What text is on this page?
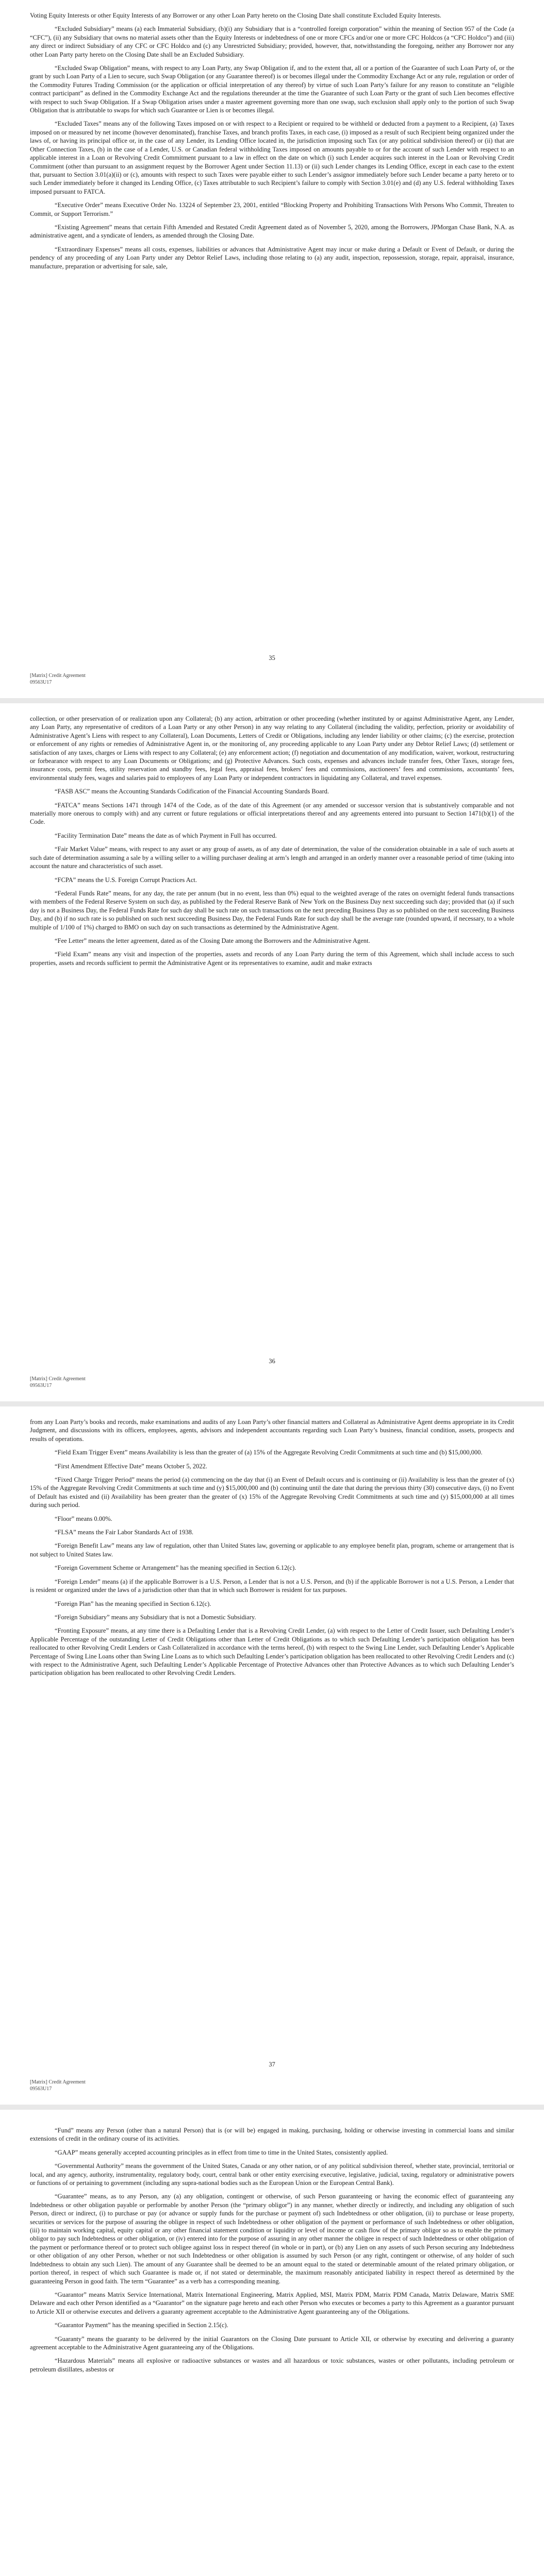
Voting Equity Interests or other Equity Interests of any Borrower or any other Loan Party hereto on the Closing Date shall constitute Excluded Equity Interests.

“Excluded Subsidiary” means (a) each Immaterial Subsidiary, (b)(i) any Subsidiary that is a “controlled foreign corporation” within the meaning of Section 957 of the Code (a “CFC”), (ii) any Subsidiary that owns no material assets other than the Equity Interests or indebtedness of one or more CFCs and/or one or more CFC Holdcos (a “CFC Holdco”) and (iii) any direct or indirect Subsidiary of any CFC or CFC Holdco and (c) any Unrestricted Subsidiary; provided, however, that, notwithstanding the foregoing, neither any Borrower nor any other Loan Party party hereto on the Closing Date shall be an Excluded Subsidiary.

“Excluded Swap Obligation” means, with respect to any Loan Party, any Swap Obligation if, and to the extent that, all or a portion of the Guarantee of such Loan Party of, or the grant by such Loan Party of a Lien to secure, such Swap Obligation (or any Guarantee thereof) is or becomes illegal under the Commodity Exchange Act or any rule, regulation or order of the Commodity Futures Trading Commission (or the application or official interpretation of any thereof) by virtue of such Loan Party’s failure for any reason to constitute an “eligible contract participant” as defined in the Commodity Exchange Act and the regulations thereunder at the time the Guarantee of such Loan Party or the grant of such Lien becomes effective with respect to such Swap Obligation. If a Swap Obligation arises under a master agreement governing more than one swap, such exclusion shall apply only to the portion of such Swap Obligation that is attributable to swaps for which such Guarantee or Lien is or becomes illegal.

“Excluded Taxes” means any of the following Taxes imposed on or with respect to a Recipient or required to be withheld or deducted from a payment to a Recipient, (a) Taxes imposed on or measured by net income (however denominated), franchise Taxes, and branch profits Taxes, in each case, (i) imposed as a result of such Recipient being organized under the laws of, or having its principal office or, in the case of any Lender, its Lending Office located in, the jurisdiction imposing such Tax (or any political subdivision thereof) or (ii) that are Other Connection Taxes, (b) in the case of a Lender, U.S. or Canadian federal withholding Taxes imposed on amounts payable to or for the account of such Lender with respect to an applicable interest in a Loan or Revolving Credit Commitment pursuant to a law in effect on the date on which (i) such Lender acquires such interest in the Loan or Revolving Credit Commitment (other than pursuant to an assignment request by the Borrower Agent under Section 11.13) or (ii) such Lender changes its Lending Office, except in each case to the extent that, pursuant to Section 3.01(a)(ii) or (c), amounts with respect to such Taxes were payable either to such Lender’s assignor immediately before such Lender became a party hereto or to such Lender immediately before it changed its Lending Office, (c) Taxes attributable to such Recipient’s failure to comply with Section 3.01(e) and (d) any U.S. federal withholding Taxes imposed pursuant to FATCA.

“Executive Order” means Executive Order No. 13224 of September 23, 2001, entitled “Blocking Property and Prohibiting Transactions With Persons Who Commit, Threaten to Commit, or Support Terrorism.”

“Existing Agreement” means that certain Fifth Amended and Restated Credit Agreement dated as of November 5, 2020, among the Borrowers, JPMorgan Chase Bank, N.A. as administrative agent, and a syndicate of lenders, as amended through the Closing Date.

“Extraordinary Expenses” means all costs, expenses, liabilities or advances that Administrative Agent may incur or make during a Default or Event of Default, or during the pendency of any proceeding of any Loan Party under any Debtor Relief Laws, including those relating to (a) any audit, inspection, repossession, storage, repair, appraisal, insurance, manufacture, preparation or advertising for sale, sale,

35
[Matrix] Credit Agreement
09563U17

collection, or other preservation of or realization upon any Collateral; (b) any action, arbitration or other proceeding (whether instituted by or against Administrative Agent, any Lender, any Loan Party, any representative of creditors of a Loan Party or any other Person) in any way relating to any Collateral (including the validity, perfection, priority or avoidability of Administrative Agent’s Liens with respect to any Collateral), Loan Documents, Letters of Credit or Obligations, including any lender liability or other claims; (c) the exercise, protection or enforcement of any rights or remedies of Administrative Agent in, or the monitoring of, any proceeding applicable to any Loan Party under any Debtor Relief Laws; (d) settlement or satisfaction of any taxes, charges or Liens with respect to any Collateral; (e) any enforcement action; (f) negotiation and documentation of any modification, waiver, workout, restructuring or forbearance with respect to any Loan Documents or Obligations; and (g) Protective Advances. Such costs, expenses and advances include transfer fees, Other Taxes, storage fees, insurance costs, permit fees, utility reservation and standby fees, legal fees, appraisal fees, brokers’ fees and commissions, auctioneers’ fees and commissions, accountants’ fees, environmental study fees, wages and salaries paid to employees of any Loan Party or independent contractors in liquidating any Collateral, and travel expenses.

“FASB ASC” means the Accounting Standards Codification of the Financial Accounting Standards Board.

“FATCA” means Sections 1471 through 1474 of the Code, as of the date of this Agreement (or any amended or successor version that is substantively comparable and not materially more onerous to comply with) and any current or future regulations or official interpretations thereof and any agreements entered into pursuant to Section 1471(b)(1) of the Code.

“Facility Termination Date” means the date as of which Payment in Full has occurred.

“Fair Market Value” means, with respect to any asset or any group of assets, as of any date of determination, the value of the consideration obtainable in a sale of such assets at such date of determination assuming a sale by a willing seller to a willing purchaser dealing at arm’s length and arranged in an orderly manner over a reasonable period of time (taking into account the nature and characteristics of such asset.

“FCPA” means the U.S. Foreign Corrupt Practices Act.

“Federal Funds Rate” means, for any day, the rate per annum (but in no event, less than 0%) equal to the weighted average of the rates on overnight federal funds transactions with members of the Federal Reserve System on such day, as published by the Federal Reserve Bank of New York on the Business Day next succeeding such day; provided that (a) if such day is not a Business Day, the Federal Funds Rate for such day shall be such rate on such transactions on the next preceding Business Day as so published on the next succeeding Business Day, and (b) if no such rate is so published on such next succeeding Business Day, the Federal Funds Rate for such day shall be the average rate (rounded upward, if necessary, to a whole multiple of 1/100 of 1%) charged to BMO on such day on such transactions as determined by the Administrative Agent.

“Fee Letter” means the letter agreement, dated as of the Closing Date among the Borrowers and the Administrative Agent.

“Field Exam” means any visit and inspection of the properties, assets and records of any Loan Party during the term of this Agreement, which shall include access to such properties, assets and records sufficient to permit the Administrative Agent or its representatives to examine, audit and make extracts

36
[Matrix] Credit Agreement
09563U17

from any Loan Party’s books and records, make examinations and audits of any Loan Party’s other financial matters and Collateral as Administrative Agent deems appropriate in its Credit Judgment, and discussions with its officers, employees, agents, advisors and independent accountants regarding such Loan Party’s business, financial condition, assets, prospects and results of operations.

“Field Exam Trigger Event” means Availability is less than the greater of (a) 15% of the Aggregate Revolving Credit Commitments at such time and (b) $15,000,000.

“First Amendment Effective Date” means October 5, 2022.

“Fixed Charge Trigger Period” means the period (a) commencing on the day that (i) an Event of Default occurs and is continuing or (ii) Availability is less than the greater of (x) 15% of the Aggregate Revolving Credit Commitments at such time and (y) $15,000,000 and (b) continuing until the date that during the previous thirty (30) consecutive days, (i) no Event of Default has existed and (ii) Availability has been greater than the greater of (x) 15% of the Aggregate Revolving Credit Commitments at such time and (y) $15,000,000 at all times during such period.

“Floor” means 0.00%.

“FLSA” means the Fair Labor Standards Act of 1938.

“Foreign Benefit Law” means any law of regulation, other than United States law, governing or applicable to any employee benefit plan, program, scheme or arrangement that is not subject to United States law.

“Foreign Government Scheme or Arrangement” has the meaning specified in Section 6.12(c).

“Foreign Lender” means (a) if the applicable Borrower is a U.S. Person, a Lender that is not a U.S. Person, and (b) if the applicable Borrower is not a U.S. Person, a Lender that is resident or organized under the laws of a jurisdiction other than that in which such Borrower is resident for tax purposes.

“Foreign Plan” has the meaning specified in Section 6.12(c).

“Foreign Subsidiary” means any Subsidiary that is not a Domestic Subsidiary.

“Fronting Exposure” means, at any time there is a Defaulting Lender that is a Revolving Credit Lender, (a) with respect to the Letter of Credit Issuer, such Defaulting Lender’s Applicable Percentage of the outstanding Letter of Credit Obligations other than Letter of Credit Obligations as to which such Defaulting Lender’s participation obligation has been reallocated to other Revolving Credit Lenders or Cash Collateralized in accordance with the terms hereof, (b) with respect to the Swing Line Lender, such Defaulting Lender’s Applicable Percentage of Swing Line Loans other than Swing Line Loans as to which such Defaulting Lender’s participation obligation has been reallocated to other Revolving Credit Lenders and (c) with respect to the Administrative Agent, such Defaulting Lender’s Applicable Percentage of Protective Advances other than Protective Advances as to which such Defaulting Lender’s participation obligation has been reallocated to other Revolving Credit Lenders.

37
[Matrix] Credit Agreement
09563U17

“Fund” means any Person (other than a natural Person) that is (or will be) engaged in making, purchasing, holding or otherwise investing in commercial loans and similar extensions of credit in the ordinary course of its activities.

“GAAP” means generally accepted accounting principles as in effect from time to time in the United States, consistently applied.

“Governmental Authority” means the government of the United States, Canada or any other nation, or of any political subdivision thereof, whether state, provincial, territorial or local, and any agency, authority, instrumentality, regulatory body, court, central bank or other entity exercising executive, legislative, judicial, taxing, regulatory or administrative powers or functions of or pertaining to government (including any supra-national bodies such as the European Union or the European Central Bank).

“Guarantee” means, as to any Person, any (a) any obligation, contingent or otherwise, of such Person guaranteeing or having the economic effect of guaranteeing any Indebtedness or other obligation payable or performable by another Person (the “primary obligor”) in any manner, whether directly or indirectly, and including any obligation of such Person, direct or indirect, (i) to purchase or pay (or advance or supply funds for the purchase or payment of) such Indebtedness or other obligation, (ii) to purchase or lease property, securities or services for the purpose of assuring the obligee in respect of such Indebtedness or other obligation of the payment or performance of such Indebtedness or other obligation, (iii) to maintain working capital, equity capital or any other financial statement condition or liquidity or level of income or cash flow of the primary obligor so as to enable the primary obligor to pay such Indebtedness or other obligation, or (iv) entered into for the purpose of assuring in any other manner the obligee in respect of such Indebtedness or other obligation of the payment or performance thereof or to protect such obligee against loss in respect thereof (in whole or in part), or (b) any Lien on any assets of such Person securing any Indebtedness or other obligation of any other Person, whether or not such Indebtedness or other obligation is assumed by such Person (or any right, contingent or otherwise, of any holder of such Indebtedness to obtain any such Lien). The amount of any Guarantee shall be deemed to be an amount equal to the stated or determinable amount of the related primary obligation, or portion thereof, in respect of which such Guarantee is made or, if not stated or determinable, the maximum reasonably anticipated liability in respect thereof as determined by the guaranteeing Person in good faith. The term “Guarantee” as a verb has a corresponding meaning.

“Guarantor” means Matrix Service International, Matrix International Engineering, Matrix Applied, MSI, Matrix PDM, Matrix PDM Canada, Matrix Delaware, Matrix SME Delaware and each other Person identified as a “Guarantor” on the signature page hereto and each other Person who executes or becomes a party to this Agreement as a guarantor pursuant to Article XII or otherwise executes and delivers a guaranty agreement acceptable to the Administrative Agent guaranteeing any of the Obligations.

“Guarantor Payment” has the meaning specified in Section 2.15(c).

“Guaranty” means the guaranty to be delivered by the initial Guarantors on the Closing Date pursuant to Article XII, or otherwise by executing and delivering a guaranty agreement acceptable to the Administrative Agent guaranteeing any of the Obligations.

“Hazardous Materials” means all explosive or radioactive substances or wastes and all hazardous or toxic substances, wastes or other pollutants, including petroleum or petroleum distillates, asbestos or
